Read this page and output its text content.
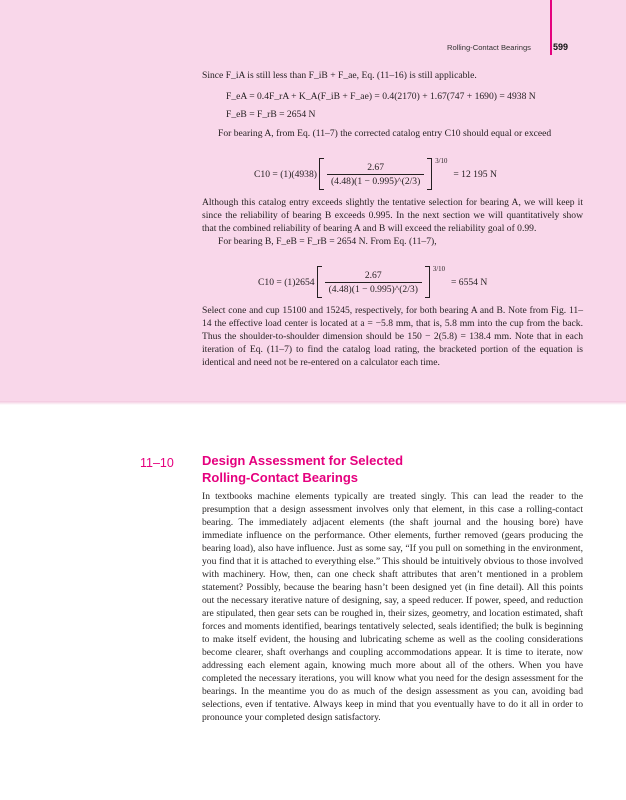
Rolling-Contact Bearings 599

Since F_iA is still less than F_iB + F_ae, Eq. (11–16) is still applicable.

F_eA = 0.4F_rA + K_A(F_iB + F_ae) = 0.4(2170) + 1.67(747 + 1690) = 4938 N
F_eB = F_rB = 2654 N

For bearing A, from Eq. (11–7) the corrected catalog entry C10 should equal or exceed

$C10 = (1)(4938) \frac{2.67}{(4.48)(1 - 0.995)\^{}(2/3)}$
3/10
= 12 195 N

Although this catalog entry exceeds slightly the tentative selection for bearing A, we will keep it since the reliability of bearing B exceeds 0.995. In the next section we will quantitatively show that the combined reliability of bearing A and B will exceed the reliability goal of 0.99.

For bearing B, F_eB = F_rB = 2654 N. From Eq. (11–7),

$C10 = (1)2654 \frac{2.67}{(4.48)(1 - 0.995)\^{}(2/3)}$
3/10
= 6554 N

Select cone and cup 15100 and 15245, respectively, for both bearing A and B. Note from Fig. 11–14 the effective load center is located at a = −5.8 mm, that is, 5.8 mm into the cup from the back. Thus the shoulder-to-shoulder dimension should be 150 − 2(5.8) = 138.4 mm. Note that in each iteration of Eq. (11–7) to find the catalog load rating, the bracketed portion of the equation is identical and need not be re-entered on a calculator each time.

11–10 Design Assessment for Selected
Rolling-Contact Bearings

In textbooks machine elements typically are treated singly. This can lead the reader to the presumption that a design assessment involves only that element, in this case a rolling-contact bearing. The immediately adjacent elements (the shaft journal and the housing bore) have immediate influence on the performance. Other elements, further removed (gears producing the bearing load), also have influence. Just as some say, “If you pull on something in the environment, you find that it is attached to everything else.” This should be intuitively obvious to those involved with machinery. How, then, can one check shaft attributes that aren’t mentioned in a problem statement? Possibly, because the bearing hasn’t been designed yet (in fine detail). All this points out the necessary iterative nature of designing, say, a speed reducer. If power, speed, and reduction are stipulated, then gear sets can be roughed in, their sizes, geometry, and location estimated, shaft forces and moments identified, bearings tentatively selected, seals identified; the bulk is beginning to make itself evident, the housing and lubricating scheme as well as the cooling considerations become clearer, shaft overhangs and coupling accommodations appear. It is time to iterate, now addressing each element again, knowing much more about all of the others. When you have completed the necessary iterations, you will know what you need for the design assessment for the bearings. In the meantime you do as much of the design assessment as you can, avoiding bad selections, even if tentative. Always keep in mind that you eventually have to do it all in order to pronounce your completed design satisfactory.
